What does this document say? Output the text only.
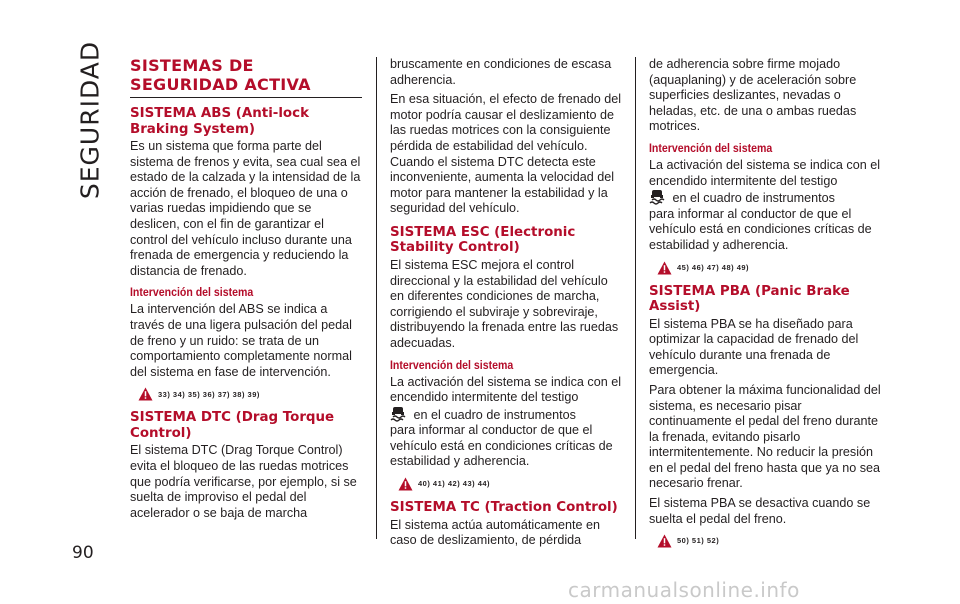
SEGURIDAD
90
SISTEMAS DE SEGURIDAD ACTIVA
SISTEMA ABS (Anti-lock Braking System)

Es un sistema que forma parte del sistema de frenos y evita, sea cual sea el estado de la calzada y la intensidad de la acción de frenado, el bloqueo de una o varias ruedas impidiendo que se deslicen, con el fin de garantizar el control del vehículo incluso durante una frenada de emergencia y reduciendo la distancia de frenado.

Intervención del sistema

La intervención del ABS se indica a través de una ligera pulsación del pedal de freno y un ruido: se trata de un comportamiento completamente normal del sistema en fase de intervención.

33) 34) 35) 36) 37) 38) 39)
SISTEMA DTC (Drag Torque Control)

El sistema DTC (Drag Torque Control) evita el bloqueo de las ruedas motrices que podría verificarse, por ejemplo, si se suelta de improviso el pedal del acelerador o se baja de marcha

bruscamente en condiciones de escasa adherencia.

En esa situación, el efecto de frenado del motor podría causar el deslizamiento de las ruedas motrices con la consiguiente pérdida de estabilidad del vehículo. Cuando el sistema DTC detecta este inconveniente, aumenta la velocidad del motor para mantener la estabilidad y la seguridad del vehículo.

SISTEMA ESC (Electronic Stability Control)

El sistema ESC mejora el control direccional y la estabilidad del vehículo en diferentes condiciones de marcha, corrigiendo el subviraje y sobreviraje, distribuyendo la frenada entre las ruedas adecuadas.

Intervención del sistema

La activación del sistema se indica con el encendido intermitente del testigo
en el cuadro de instrumentos
para informar al conductor de que el vehículo está en condiciones críticas de estabilidad y adherencia.

40) 41) 42) 43) 44)
SISTEMA TC (Traction Control)

El sistema actúa automáticamente en caso de deslizamiento, de pérdida

de adherencia sobre firme mojado (aquaplaning) y de aceleración sobre superficies deslizantes, nevadas o heladas, etc. de una o ambas ruedas motrices.

Intervención del sistema

La activación del sistema se indica con el encendido intermitente del testigo
en el cuadro de instrumentos
para informar al conductor de que el vehículo está en condiciones críticas de estabilidad y adherencia.

45) 46) 47) 48) 49)
SISTEMA PBA (Panic Brake Assist)

El sistema PBA se ha diseñado para optimizar la capacidad de frenado del vehículo durante una frenada de emergencia.

Para obtener la máxima funcionalidad del sistema, es necesario pisar continuamente el pedal del freno durante la frenada, evitando pisarlo intermitentemente. No reducir la presión en el pedal del freno hasta que ya no sea necesario frenar.

El sistema PBA se desactiva cuando se suelta el pedal del freno.

50) 51) 52)
carmanualsonline.info
